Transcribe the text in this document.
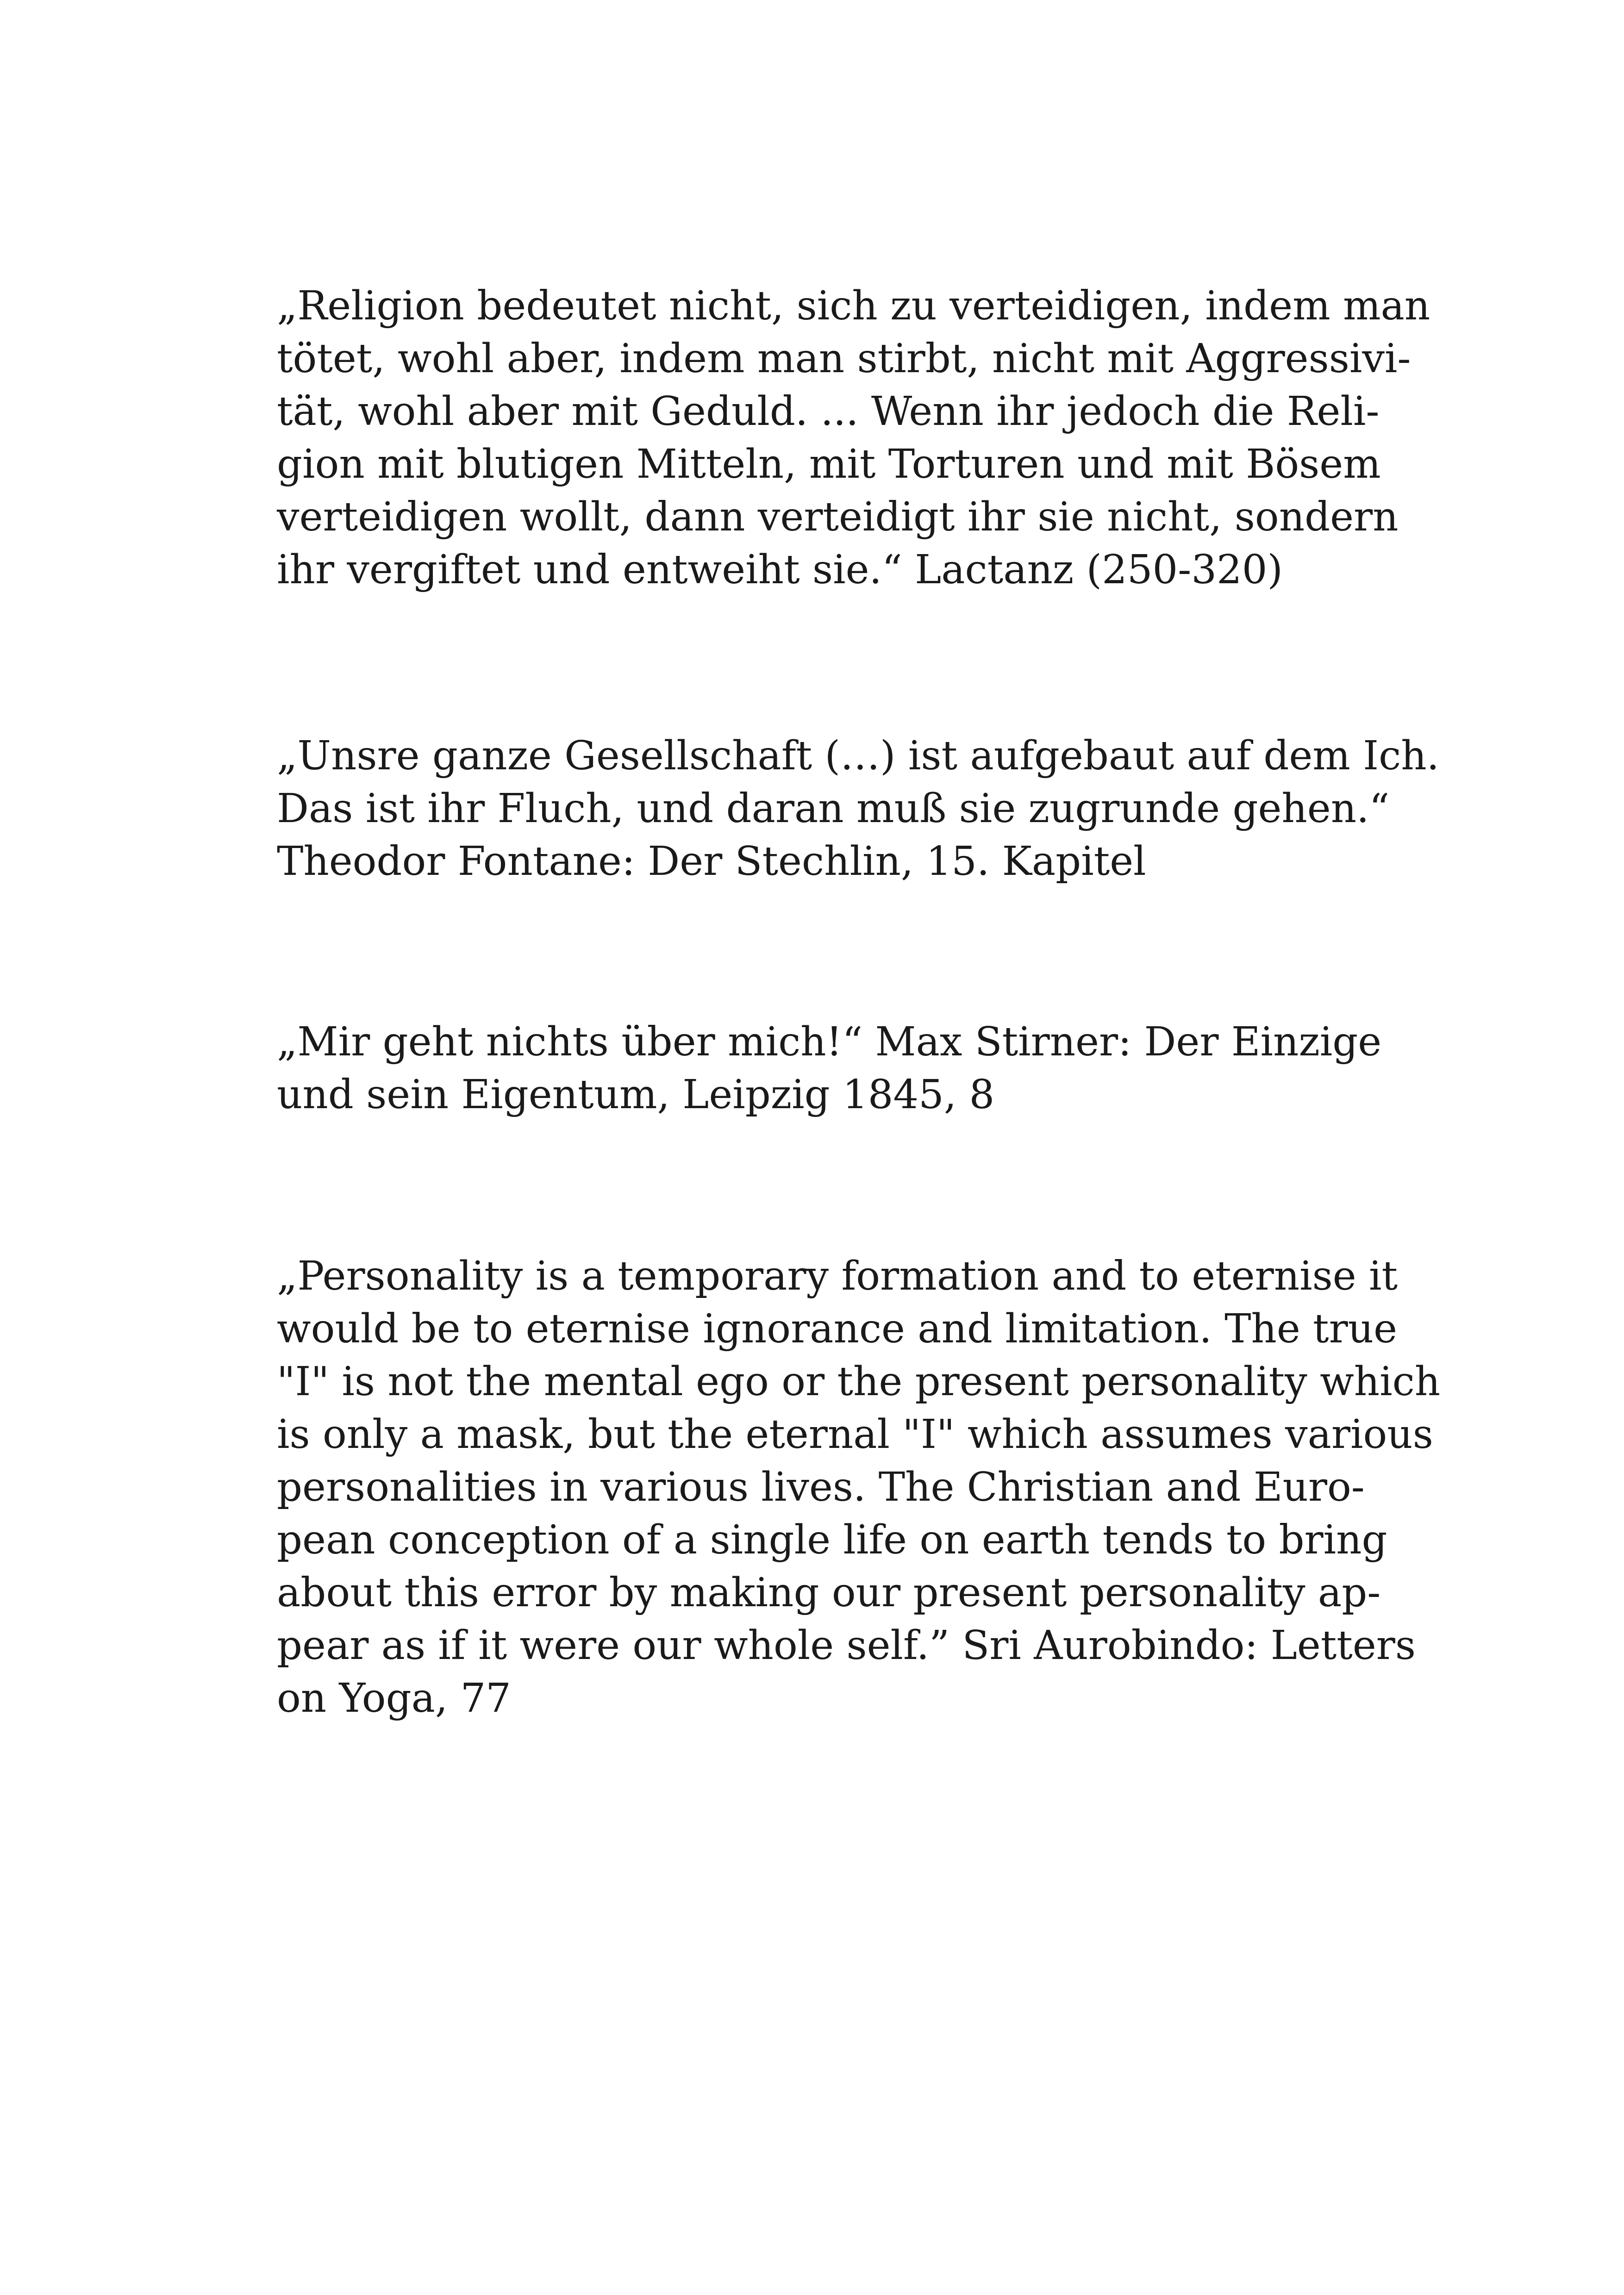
„Religion bedeutet nicht, sich zu verteidigen, indem man
tötet, wohl aber, indem man stirbt, nicht mit Aggressivi-
tät, wohl aber mit Geduld. ... Wenn ihr jedoch die Reli-
gion mit blutigen Mitteln, mit Torturen und mit Bösem
verteidigen wollt, dann verteidigt ihr sie nicht, sondern
ihr vergiftet und entweiht sie.“ Lactanz (250-320)

„Unsre ganze Gesellschaft (…) ist aufgebaut auf dem Ich.
Das ist ihr Fluch, und daran muß sie zugrunde gehen.“
Theodor Fontane: Der Stechlin, 15. Kapitel

„Mir geht nichts über mich!“ Max Stirner: Der Einzige
und sein Eigentum, Leipzig 1845, 8

„Personality is a temporary formation and to eternise it
would be to eternise ignorance and limitation. The true
"I" is not the mental ego or the present personality which
is only a mask, but the eternal "I" which assumes various
personalities in various lives. The Christian and Euro-
pean conception of a single life on earth tends to bring
about this error by making our present personality ap-
pear as if it were our whole self.” Sri Aurobindo: Letters
on Yoga, 77
